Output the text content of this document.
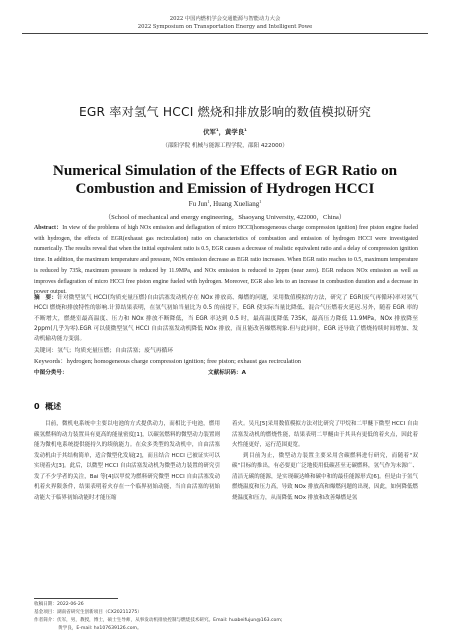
2022 中国内燃机学会交通能源与智能动力大会
2022 Symposium on Transportation Energy and Intelligent Powe
EGR 率对氢气 HCCI 燃烧和排放影响的数值模拟研究
伏军$^1$，黄学良$^1$
（邵阳学院 机械与能源工程学院，邵阳 422000）
Numerical Simulation of the Effects of EGR Ratio on
Combustion and Emission of Hydrogen HCCI
Fu Jun$^1$, Huang Xueliang$^1$
（School of mechanical and energy engineering，Shaoyang University, 422000，China）
Abstract：In view of the problems of high NOx emission and deflagration of micro HCCI(homogeneous charge compression ignition) free piston engine fueled with hydrogen, the effects of EGR(exhaust gas recirculation) ratio on characteristics of combustion and emission of hydrogen HCCI were investigated numerically. The results reveal that when the initial equivalent ratio is 0.5, EGR causes a decrease of realistic equivalent ratio and a delay of compression ignition time. In addition, the maximum temperature and pressure, NOx emission decrease as EGR ratio increases. When EGR ratio reaches to 0.5, maximum temperature is reduced by 735k, maximum pressure is reduced by 11.9MPa, and NOx emission is reduced to 2ppm (near zero). EGR reduces NOx emission as well as improves deflagration of micro HCCI free piston engine fueled with hydrogen. Moreover, EGR also lets to an increase in combustion duration and a decrease in power output.
摘　要：针对微型氢气 HCCI(均质充量压燃)自由活塞发动机存在 NOx 排放高、爆燃的问题，采用数值模拟的方法，研究了 EGR(废气再循环)率对氢气 HCCI 燃烧和排放特性的影响.计算结果表明，在氢气初始当量比为 0.5 的前提下，EGR 使实际当量比降低、混合气压燃着火延迟.另外，随着 EGR 率的不断增大，燃烧室最高温度、压力和 NOx 排放不断降低，当 EGR 率达到 0.5 时，最高温度降低 735K，最高压力降低 11.9MPa，NOx 排放降至 2ppm(几乎为零).EGR 可以使微型氢气 HCCI 自由活塞发动机降低 NOx 排放，而且能改善爆燃现象.但与此同时，EGR 还导致了燃烧持续时间增加、发动机输功能力变弱。
关键词：氢气；均质充量压燃；自由活塞；废气再循环
Keywords：hydrogen; homogeneous charge compression ignition; free piston; exhaust gas recirculation
中图分类号：	文献标识码：A
0 概述

目前，微机电系统中主要以电池的方式提供动力，而相比于电池，燃用碳氢燃料的动力装置具有更高的能量密度[1]，以碳氢燃料的微型动力装置则能为微机电系统提供能持久的续航能力。在众多类型的发动机中，自由活塞发动机由于其结构简单，适合微型化发展[2]，而且结合 HCCI 已被证实可以实现着火[3]。此后，以微型 HCCI 自由活塞发动机为微型动力装置的研究引发了不少学者的关注，Bai 等[4]以甲烷为燃料研究微型 HCCI 自由活塞发动机着火界限条件，结果表明着火存在一个临界初始动能，当自由活塞的初始动能大于临界初始动能时才能压缩

着火。吴凡[5]采用数值模拟方法对比研究了甲烷和二甲醚下微型 HCCI 自由活塞发动机的燃烧性能，结果表明二甲醚由于其具有更低的着火点，因此着火性能更好，运行范围更宽。

到目前为止，微型动力装置主要采用含碳燃料进行研究，而随着"双碳"目标的推出，有必要更广泛地使用低碳甚至无碳燃料，氢气作为未源广、清洁无碳的能源，是实现碳达峰和碳中和的最佳能源形式[6]。但是由于氢气燃烧温度和压力高，导致 NOx 排放高和爆燃问题的出现，因此，如何降低燃烧温度和压力，从而降低 NOx 排放和改善爆燃是氢

收稿日期：2022-06-26
基金项目：湖南省研究生创新项目（CX20211275）
作者简介：伏军，男，教授，博士，硕士生导师，从事发动机排放控制与燃烧技术研究。Email: huabeifujun@163.com;
黄学良，E-mail: hx107639126.com。
